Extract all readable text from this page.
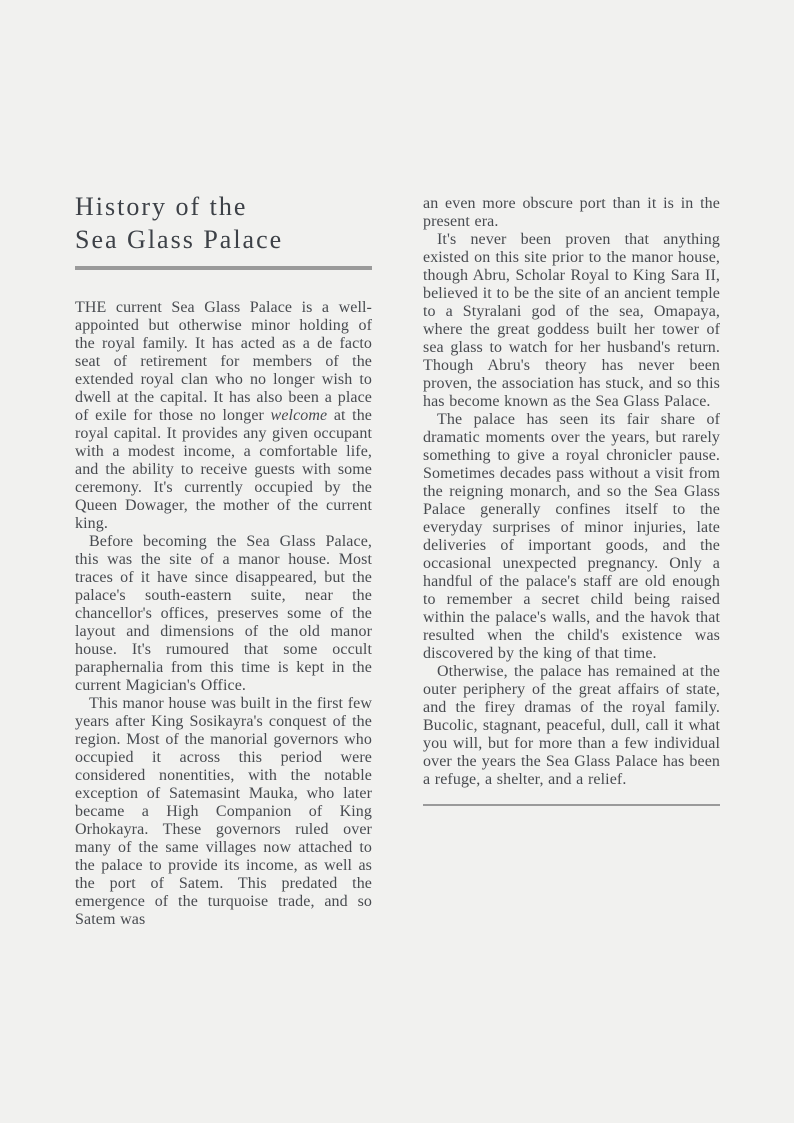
History of the
Sea Glass Palace

THE current Sea Glass Palace is a well-appointed but otherwise minor holding of the royal family. It has acted as a de facto seat of retirement for members of the extended royal clan who no longer wish to dwell at the capital. It has also been a place of exile for those no longer welcome at the royal capital. It provides any given occupant with a modest income, a comfortable life, and the ability to receive guests with some ceremony. It's currently occupied by the Queen Dowager, the mother of the current king.

Before becoming the Sea Glass Palace, this was the site of a manor house. Most traces of it have since disappeared, but the palace's south-eastern suite, near the chancellor's offices, preserves some of the layout and dimensions of the old manor house. It's rumoured that some occult paraphernalia from this time is kept in the current Magician's Office.

This manor house was built in the first few years after King Sosikayra's conquest of the region. Most of the manorial governors who occupied it across this period were considered nonentities, with the notable exception of Satemasint Mauka, who later became a High Companion of King Orhokayra. These governors ruled over many of the same villages now attached to the palace to provide its income, as well as the port of Satem. This predated the emergence of the turquoise trade, and so Satem was

an even more obscure port than it is in the present era.

It's never been proven that anything existed on this site prior to the manor house, though Abru, Scholar Royal to King Sara II, believed it to be the site of an ancient temple to a Styralani god of the sea, Omapaya, where the great goddess built her tower of sea glass to watch for her husband's return. Though Abru's theory has never been proven, the association has stuck, and so this has become known as the Sea Glass Palace.

The palace has seen its fair share of dramatic moments over the years, but rarely something to give a royal chronicler pause. Sometimes decades pass without a visit from the reigning monarch, and so the Sea Glass Palace generally confines itself to the everyday surprises of minor injuries, late deliveries of important goods, and the occasional unexpected pregnancy. Only a handful of the palace's staff are old enough to remember a secret child being raised within the palace's walls, and the havok that resulted when the child's existence was discovered by the king of that time.

Otherwise, the palace has remained at the outer periphery of the great affairs of state, and the firey dramas of the royal family. Bucolic, stagnant, peaceful, dull, call it what you will, but for more than a few individual over the years the Sea Glass Palace has been a refuge, a shelter, and a relief.
